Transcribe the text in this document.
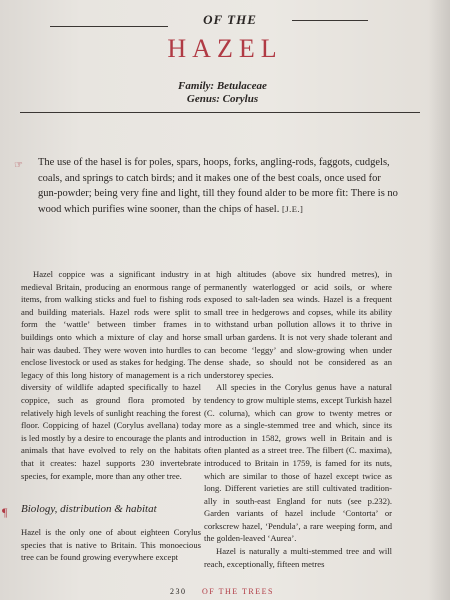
OF THE
HAZEL
Family: Betulaceae
Genus: Corylus
☞ The use of the hasel is for poles, spars, hoops, forks, angling-rods, faggots, cudgels, coals, and springs to catch birds; and it makes one of the best coals, once used for gun-powder; being very fine and light, till they found alder to be more fit: There is no wood which purifies wine sooner, than the chips of hasel. [J.E.]

Hazel coppice was a significant industry in medieval Britain, producing an enormous range of items, from walking sticks and fuel to fishing rods and building materials. Hazel rods were split to form the ‘wattle’ between timber frames in buildings onto which a mixture of clay and horse hair was daubed. They were woven into hurdles to enclose livestock or used as stakes for hedging. The legacy of this long history of management is a rich diversity of wildlife adapted specifically to hazel coppice, such as ground flora promoted by relatively high levels of sunlight reaching the forest floor. Coppicing of hazel (Corylus avellana) today is led mostly by a desire to encourage the plants and animals that have evolved to rely on the habitats that it creates: hazel supports 230 invertebrate species, for example, more than any other tree.

¶ Biology, distribution & habitat

Hazel is the only one of about eighteen Corylus species that is native to Britain. This monoecious tree can be found growing everywhere except

at high altitudes (above six hundred metres), in permanently waterlogged or acid soils, or where exposed to salt-laden sea winds. Hazel is a frequent small tree in hedgerows and copses, while its ability to withstand urban pollution allows it to thrive in small urban gardens. It is not very shade tolerant and can become ‘leggy’ and slow-growing when under dense shade, so should not be considered as an understorey species.

All species in the Corylus genus have a natural tendency to grow multiple stems, except Turkish hazel (C. colurna), which can grow to twenty metres or more as a single-stemmed tree and which, since its introduction in 1582, grows well in Britain and is often planted as a street tree. The filbert (C. maxima), introduced to Britain in 1759, is famed for its nuts, which are similar to those of hazel except twice as long. Different varieties are still cultivated tradition-ally in south-east England for nuts (see p.232). Garden variants of hazel include ‘Contorta’ or corkscrew hazel, ‘Pendula’, a rare weeping form, and the golden-leaved ‘Aurea’.

Hazel is naturally a multi-stemmed tree and will reach, exceptionally, fifteen metres

230 OF THE TREES
